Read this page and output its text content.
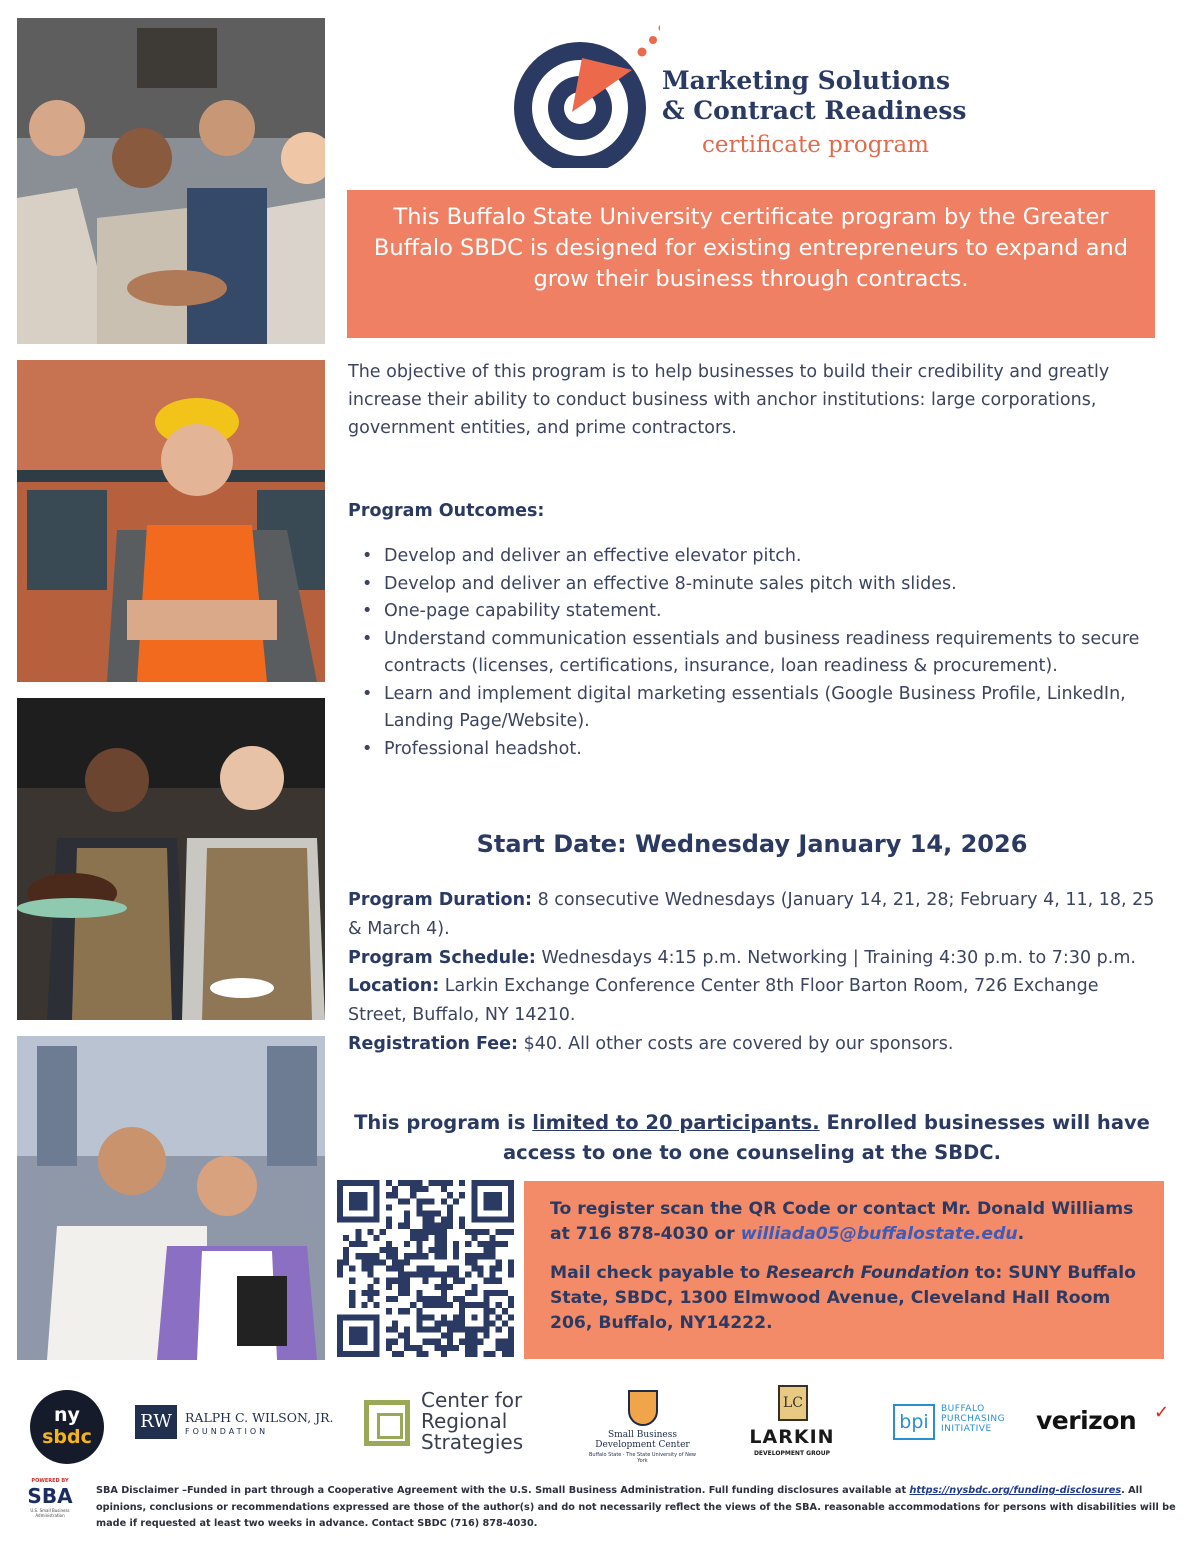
Marketing Solutions
& Contract Readiness
certificate program
This Buffalo State University certificate program by the Greater Buffalo SBDC is designed for existing entrepreneurs to expand and grow their business through contracts.
The objective of this program is to help businesses to build their credibility and greatly increase their ability to conduct business with anchor institutions: large corporations, government entities, and prime contractors.
Program Outcomes:
• Develop and deliver an effective elevator pitch.
• Develop and deliver an effective 8-minute sales pitch with slides.
• One-page capability statement.
• Understand communication essentials and business readiness requirements to secure contracts (licenses, certifications, insurance, loan readiness & procurement).
• Learn and implement digital marketing essentials (Google Business Profile, LinkedIn, Landing Page/Website).
• Professional headshot.
Start Date: Wednesday January 14, 2026
Program Duration: 8 consecutive Wednesdays (January 14, 21, 28; February 4, 11, 18, 25 & March 4).
Program Schedule: Wednesdays 4:15 p.m. Networking | Training 4:30 p.m. to 7:30 p.m.
Location: Larkin Exchange Conference Center 8th Floor Barton Room, 726 Exchange Street, Buffalo, NY 14210.
Registration Fee: $40. All other costs are covered by our sponsors.
This program is limited to 20 participants. Enrolled businesses will have access to one to one counseling at the SBDC.

To register scan the QR Code or contact Mr. Donald Williams at 716 878-4030 or williada05@buffalostate.edu.

Mail check payable to Research Foundation to: SUNY Buffalo State, SBDC, 1300 Elmwood Avenue, Cleveland Hall Room 206, Buffalo, NY14222.

ny
sbdc
RW	RALPH C. WILSON, JR.
FOUNDATION
Center for
Regional
Strategies	Small Business
Development Center
Buffalo State · The State University of New York
LC
LARKIN
DEVELOPMENT GROUP
bpi
BUFFALO
PURCHASING
INITIATIVE	verizon ✓
POWERED BY
SBA
U.S. Small Business Administration
SBA Disclaimer –Funded in part through a Cooperative Agreement with the U.S. Small Business Administration. Full funding disclosures available at https://nysbdc.org/funding-disclosures. All opinions, conclusions or recommendations expressed are those of the author(s) and do not necessarily reflect the views of the SBA. reasonable accommodations for persons with disabilities will be made if requested at least two weeks in advance. Contact SBDC (716) 878-4030.
